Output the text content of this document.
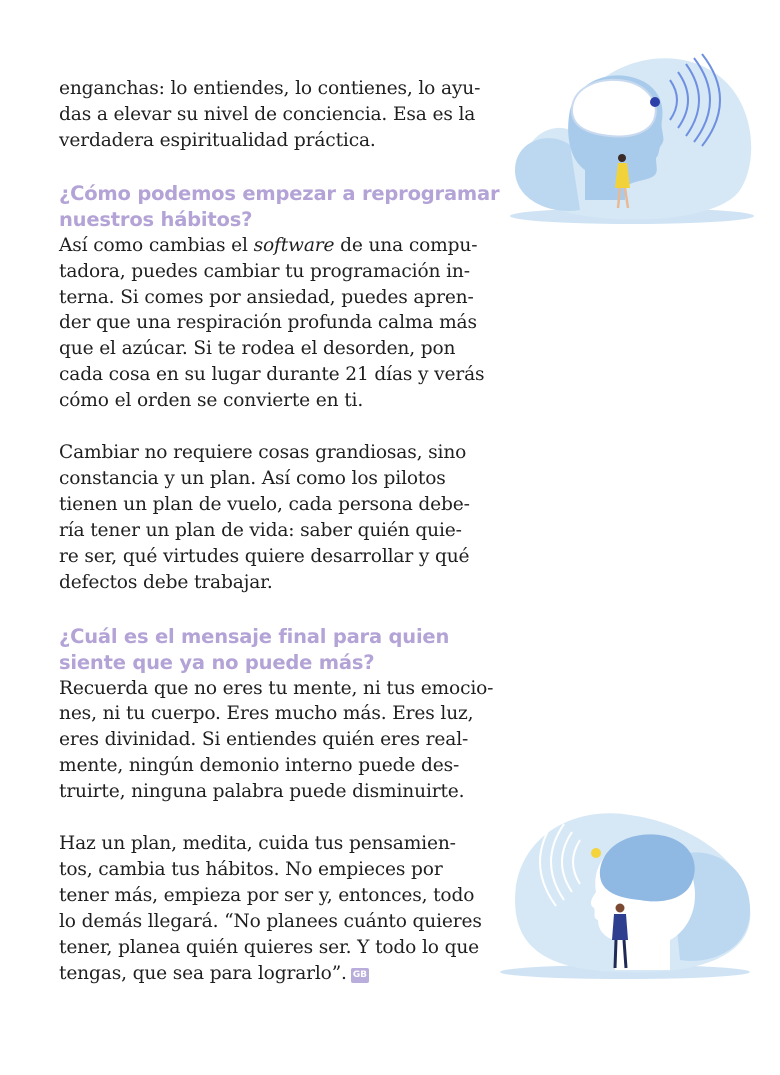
enganchas: lo entiendes, lo contienes, lo ayu-
das a elevar su nivel de conciencia. Esa es la
verdadera espiritualidad práctica.

¿Cómo podemos empezar a reprogramar
nuestros hábitos?

Así como cambias el software de una compu-
tadora, puedes cambiar tu programación in-
terna. Si comes por ansiedad, puedes apren-
der que una respiración profunda calma más
que el azúcar. Si te rodea el desorden, pon
cada cosa en su lugar durante 21 días y verás
cómo el orden se convierte en ti.

Cambiar no requiere cosas grandiosas, sino
constancia y un plan. Así como los pilotos
tienen un plan de vuelo, cada persona debe-
ría tener un plan de vida: saber quién quie-
re ser, qué virtudes quiere desarrollar y qué
defectos debe trabajar.

¿Cuál es el mensaje final para quien
siente que ya no puede más?

Recuerda que no eres tu mente, ni tus emocio-
nes, ni tu cuerpo. Eres mucho más. Eres luz,
eres divinidad. Si entiendes quién eres real-
mente, ningún demonio interno puede des-
truirte, ninguna palabra puede disminuirte.

Haz un plan, medita, cuida tus pensamien-
tos, cambia tus hábitos. No empieces por
tener más, empieza por ser y, entonces, todo
lo demás llegará. “No planees cuánto quieres
tener, planea quién quieres ser. Y todo lo que
tengas, que sea para lograrlo”. GB
